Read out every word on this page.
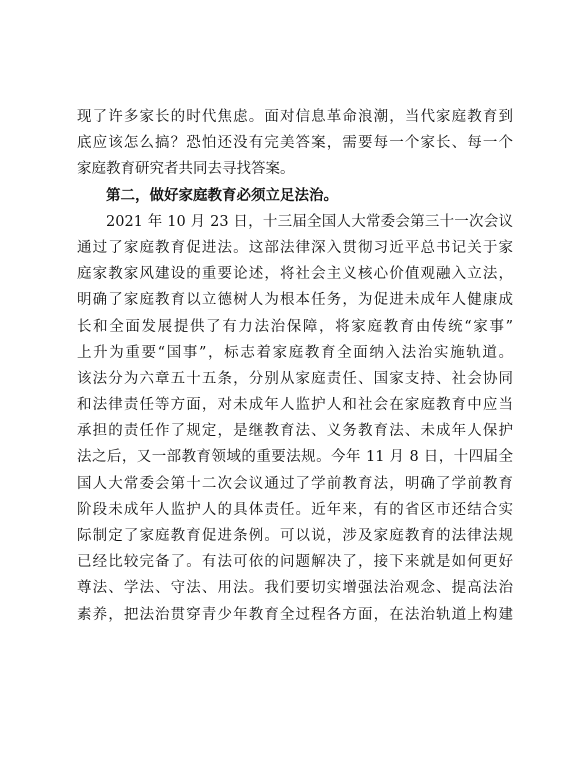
现了许多家长的时代焦虑。面对信息革命浪潮，当代家庭教育到
底应该怎么搞？恐怕还没有完美答案，需要每一个家长、每一个
家庭教育研究者共同去寻找答案。
第二，做好家庭教育必须立足法治。
2021 年 10 月 23 日，十三届全国人大常委会第三十一次会议
通过了家庭教育促进法。这部法律深入贯彻习近平总书记关于家
庭家教家风建设的重要论述，将社会主义核心价值观融入立法，
明确了家庭教育以立德树人为根本任务，为促进未成年人健康成
长和全面发展提供了有力法治保障，将家庭教育由传统“家事”
上升为重要“国事”，标志着家庭教育全面纳入法治实施轨道。
该法分为六章五十五条，分别从家庭责任、国家支持、社会协同
和法律责任等方面，对未成年人监护人和社会在家庭教育中应当
承担的责任作了规定，是继教育法、义务教育法、未成年人保护
法之后，又一部教育领域的重要法规。今年 11 月 8 日，十四届全
国人大常委会第十二次会议通过了学前教育法，明确了学前教育
阶段未成年人监护人的具体责任。近年来，有的省区市还结合实
际制定了家庭教育促进条例。可以说，涉及家庭教育的法律法规
已经比较完备了。有法可依的问题解决了，接下来就是如何更好
尊法、学法、守法、用法。我们要切实增强法治观念、提高法治
素养，把法治贯穿青少年教育全过程各方面，在法治轨道上构建
